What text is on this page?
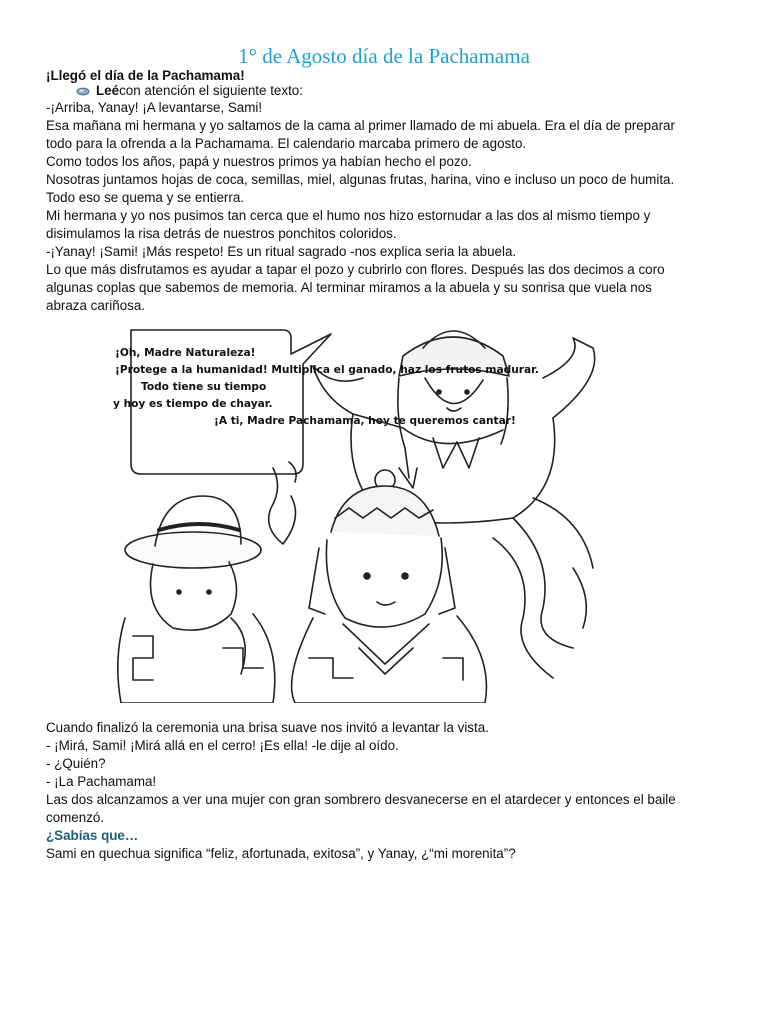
1° de Agosto día de la Pachamama
¡Llegó el día de la Pachamama!
Leé con atención el siguiente texto:
-¡Arriba, Yanay! ¡A levantarse, Sami!
Esa mañana mi hermana y yo saltamos de la cama al primer llamado de mi abuela. Era el día de preparar
todo para la ofrenda a la Pachamama. El calendario marcaba primero de agosto.
Como todos los años, papá y nuestros primos ya habían hecho el pozo.
Nosotras juntamos hojas de coca, semillas, miel, algunas frutas, harina, vino e incluso un poco de humita.
Todo eso se quema y se entierra.
Mi hermana y yo nos pusimos tan cerca que el humo nos hizo estornudar a las dos al mismo tiempo y
disimulamos la risa detrás de nuestros ponchitos coloridos.
-¡Yanay! ¡Sami! ¡Más respeto! Es un ritual sagrado -nos explica seria la abuela.
Lo que más disfrutamos es ayudar a tapar el pozo y cubrirlo con flores. Después las dos decimos a coro
algunas coplas que sabemos de memoria. Al terminar miramos a la abuela y su sonrisa que vuela nos
abraza cariñosa.
¡Oh, Madre Naturaleza!
¡Protege a la humanidad! Multiplica el ganado, haz los frutos madurar.
Todo tiene su tiempo
y hoy es tiempo de chayar.
¡A ti, Madre Pachamama, hoy te queremos cantar!
Cuando finalizó la ceremonia una brisa suave nos invitó a levantar la vista.
- ¡Mirá, Sami! ¡Mirá allá en el cerro! ¡Es ella! -le dije al oído.
- ¿Quién?
- ¡La Pachamama!
Las dos alcanzamos a ver una mujer con gran sombrero desvanecerse en el atardecer y entonces el baile
comenzó.
¿Sabías que…
Sami en quechua significa “feliz, afortunada, exitosa”, y Yanay, ¿“mi morenita”?
